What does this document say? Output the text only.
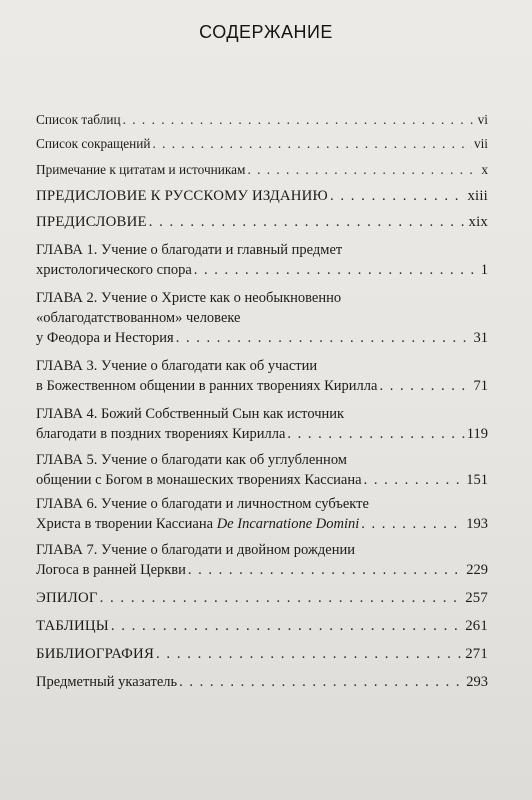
СОДЕРЖАНИЕ
Список таблиц . . .	vi
Список сокращений . . .	vii
Примечание к цитатам и источникам . . .	x
ПРЕДИСЛОВИЕ К РУССКОМУ ИЗДАНИЮ . . .	xiii
ПРЕДИСЛОВИЕ . . .	xix
ГЛАВА 1. Учение о благодати и главный предмет
христологического спора . . .	1
ГЛАВА 2. Учение о Христе как о необыкновенно
«облагодатствованном» человеке
у Феодора и Нестория . . .	31
ГЛАВА 3. Учение о благодати как об участии
в Божественном общении в ранних творениях Кирилла . . .	71
ГЛАВА 4. Божий Собственный Сын как источник
благодати в поздних творениях Кирилла . . .	119
ГЛАВА 5. Учение о благодати как об углубленном
общении с Богом в монашеских творениях Кассиана . . .	151
ГЛАВА 6. Учение о благодати и личностном субъекте
Христа в творении Кассиана De Incarnatione Domini . . .	193
ГЛАВА 7. Учение о благодати и двойном рождении
Логоса в ранней Церкви . . .	229
ЭПИЛОГ . . .	257
ТАБЛИЦЫ . . .	261
БИБЛИОГРАФИЯ . . .	271
Предметный указатель . . .	293
